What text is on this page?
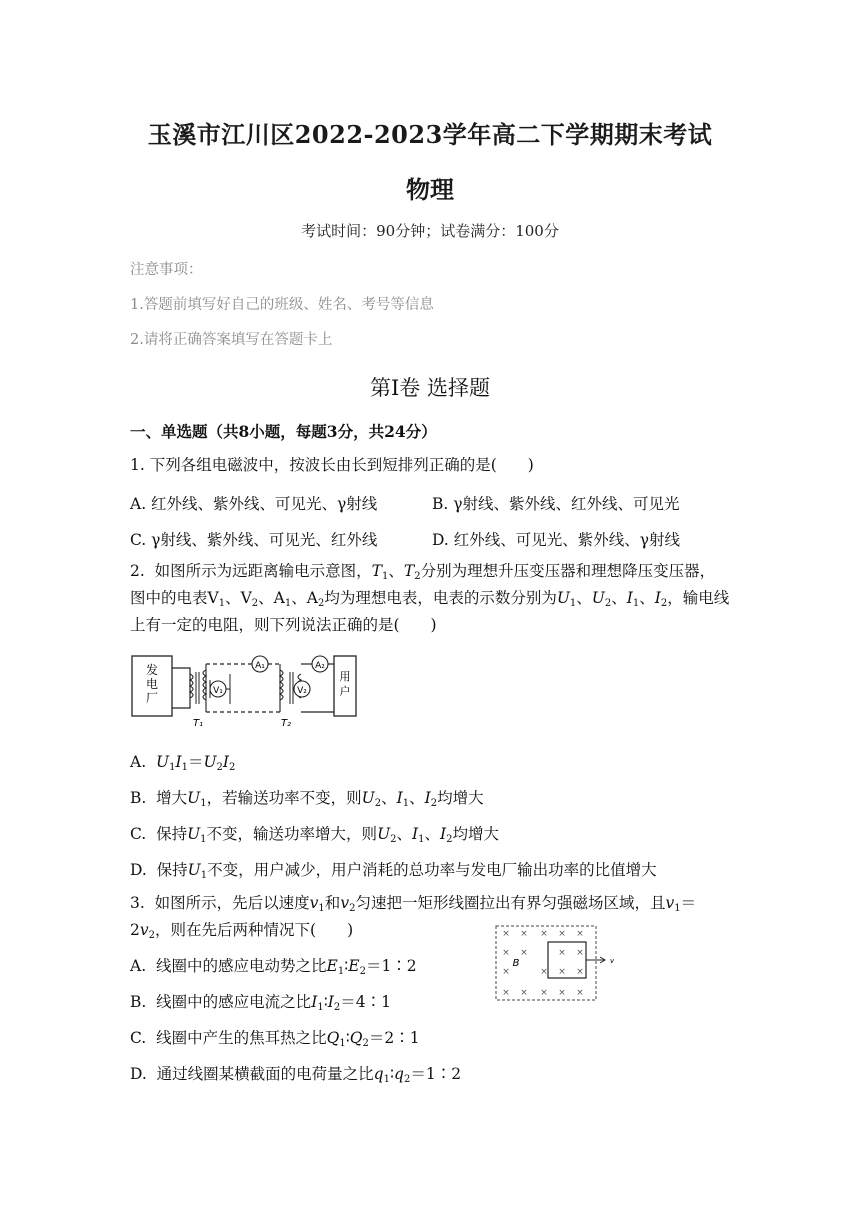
玉溪市江川区2022-2023学年高二下学期期末考试
物理
考试时间：90分钟；试卷满分：100分
注意事项：
1.答题前填写好自己的班级、姓名、考号等信息
2.请将正确答案填写在答题卡上
第Ⅰ卷 选择题
一、单选题（共8小题，每题3分，共24分）
1. 下列各组电磁波中，按波长由长到短排列正确的是(　　)
A. 红外线、紫外线、可见光、γ射线	B. γ射线、紫外线、红外线、可见光
C. γ射线、紫外线、可见光、红外线	D. 红外线、可见光、紫外线、γ射线
2.  如图所示为远距离输电示意图，$T_1$、$T_2$分别为理想升压变压器和理想降压变压器，图中的电表$V_1$、$V_2$、$A_1$、$A_2$均为理想电表，电表的示数分别为$U_1$、$U_2$、$I_1$、$I_2$，输电线上有一定的电阻，则下列说法正确的是(　　)
发
电
厂	V₁
A₁
V₂
A₂
用
户
T₁	T₂
A.  $U_1I_1=U_2I_2$
B.  增大$U_1$，若输送功率不变，则$U_2$、$I_1$、$I_2$均增大
C.  保持$U_1$不变，输送功率增大，则$U_2$、$I_1$、$I_2$均增大
D.  保持$U_1$不变，用户减少，用户消耗的总功率与发电厂输出功率的比值增大
3.  如图所示，先后以速度$v_1$和$v_2$匀速把一矩形线圈拉出有界匀强磁场区域，且$v_1=2v_2$，则在先后两种情况下(　　)	× × × × ×
× ×	× ×
×	× × ×
× × × × ×
B	v
A.  线圈中的感应电动势之比$E_1∶E_2=1∶2$
B.  线圈中的感应电流之比$I_1∶I_2=4∶1$
C.  线圈中产生的焦耳热之比$Q_1∶Q_2=2∶1$
D.  通过线圈某横截面的电荷量之比$q_1∶q_2=1∶2$
